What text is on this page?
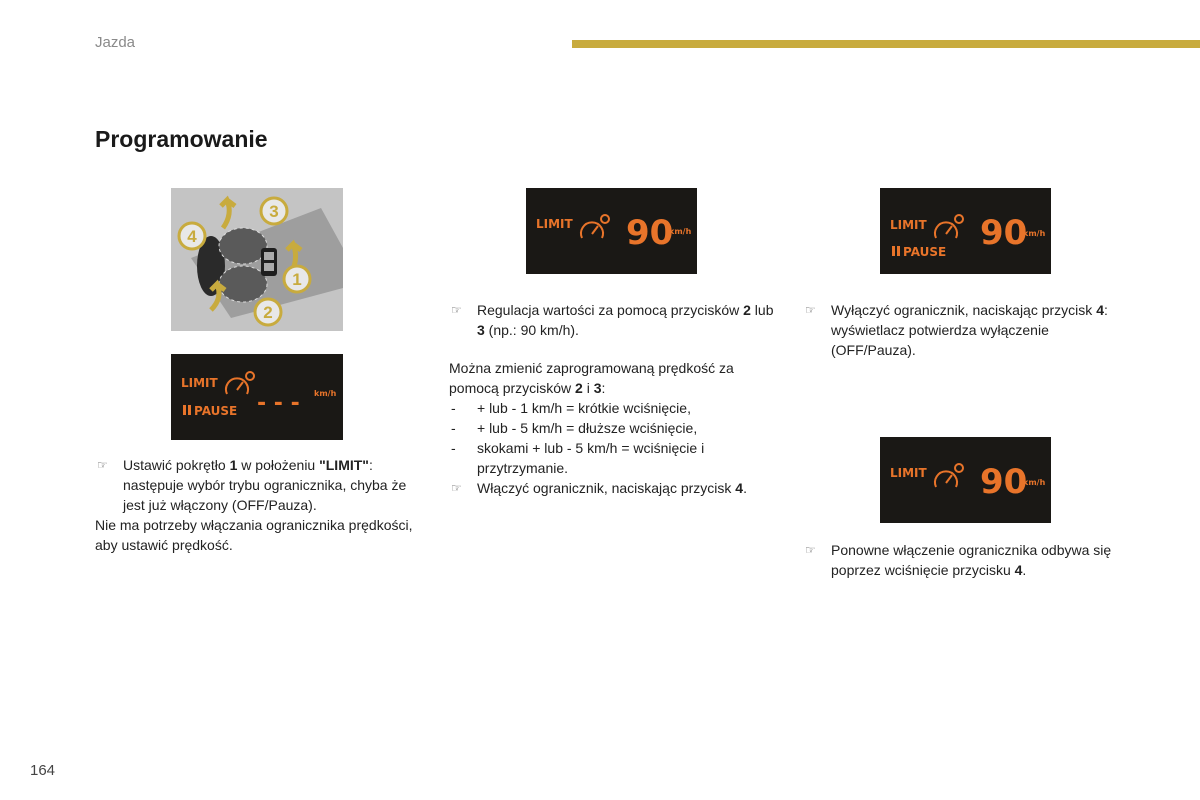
Jazda
Programowanie
1
2
3
4
LIMIT
PAUSE - - - km/h
LIMIT 90
km/h	LIMIT
PAUSE 90
km/h
LIMIT 90
km/h

☞ Ustawić pokrętło 1 w położeniu "LIMIT": następuje wybór trybu ogranicznika, chyba że jest już włączony (OFF/Pauza).

Nie ma potrzeby włączania ogranicznika prędkości, aby ustawić prędkość.

☞ Regulacja wartości za pomocą przycisków 2 lub 3 (np.: 90 km/h).

Można zmienić zaprogramowaną prędkość za pomocą przycisków 2 i 3:

- + lub - 1 km/h = krótkie wciśnięcie,

- + lub - 5 km/h = dłuższe wciśnięcie,

- skokami + lub - 5 km/h = wciśnięcie i przytrzymanie.

☞ Włączyć ogranicznik, naciskając przycisk 4.

☞ Wyłączyć ogranicznik, naciskając przycisk 4: wyświetlacz potwierdza wyłączenie (OFF/Pauza).

☞ Ponowne włączenie ogranicznika odbywa się poprzez wciśnięcie przycisku 4.

164
